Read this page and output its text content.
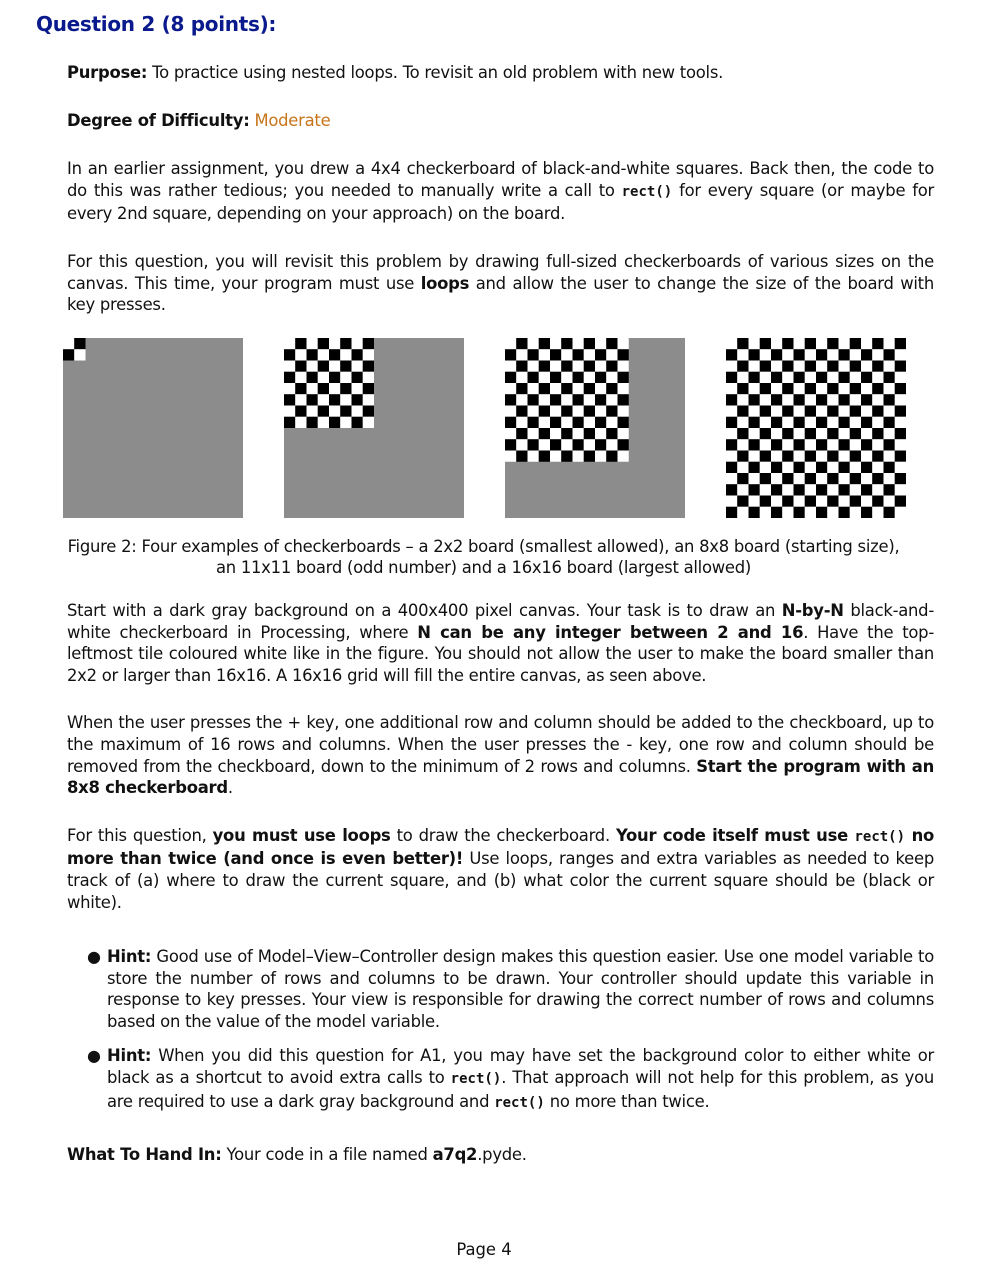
Question 2 (8 points):

Purpose: To practice using nested loops. To revisit an old problem with new tools.

Degree of Difficulty: Moderate

In an earlier assignment, you drew a 4x4 checkerboard of black-and-white squares. Back then, the code to do this was rather tedious; you needed to manually write a call to rect() for every square (or maybe for every 2nd square, depending on your approach) on the board.

For this question, you will revisit this problem by drawing full-sized checkerboards of various sizes on the canvas. This time, your program must use loops and allow the user to change the size of the board with key presses.

Figure 2: Four examples of checkerboards – a 2x2 board (smallest allowed), an 8x8 board (starting size),
an 11x11 board (odd number) and a 16x16 board (largest allowed)

Start with a dark gray background on a 400x400 pixel canvas. Your task is to draw an N-by-N black-and-white checkerboard in Processing, where N can be any integer between 2 and 16. Have the top-leftmost tile coloured white like in the figure. You should not allow the user to make the board smaller than 2x2 or larger than 16x16. A 16x16 grid will fill the entire canvas, as seen above.

When the user presses the + key, one additional row and column should be added to the checkboard, up to the maximum of 16 rows and columns. When the user presses the - key, one row and column should be removed from the checkboard, down to the minimum of 2 rows and columns. Start the program with an 8x8 checkerboard.

For this question, you must use loops to draw the checkerboard. Your code itself must use rect() no more than twice (and once is even better)! Use loops, ranges and extra variables as needed to keep track of (a) where to draw the current square, and (b) what color the current square should be (black or white).

● Hint: Good use of Model–View–Controller design makes this question easier. Use one model variable to store the number of rows and columns to be drawn. Your controller should update this variable in response to key presses. Your view is responsible for drawing the correct number of rows and columns based on the value of the model variable.
● Hint: When you did this question for A1, you may have set the background color to either white or black as a shortcut to avoid extra calls to rect(). That approach will not help for this problem, as you are required to use a dark gray background and rect() no more than twice.

What To Hand In: Your code in a file named a7q2.pyde.

Page 4
